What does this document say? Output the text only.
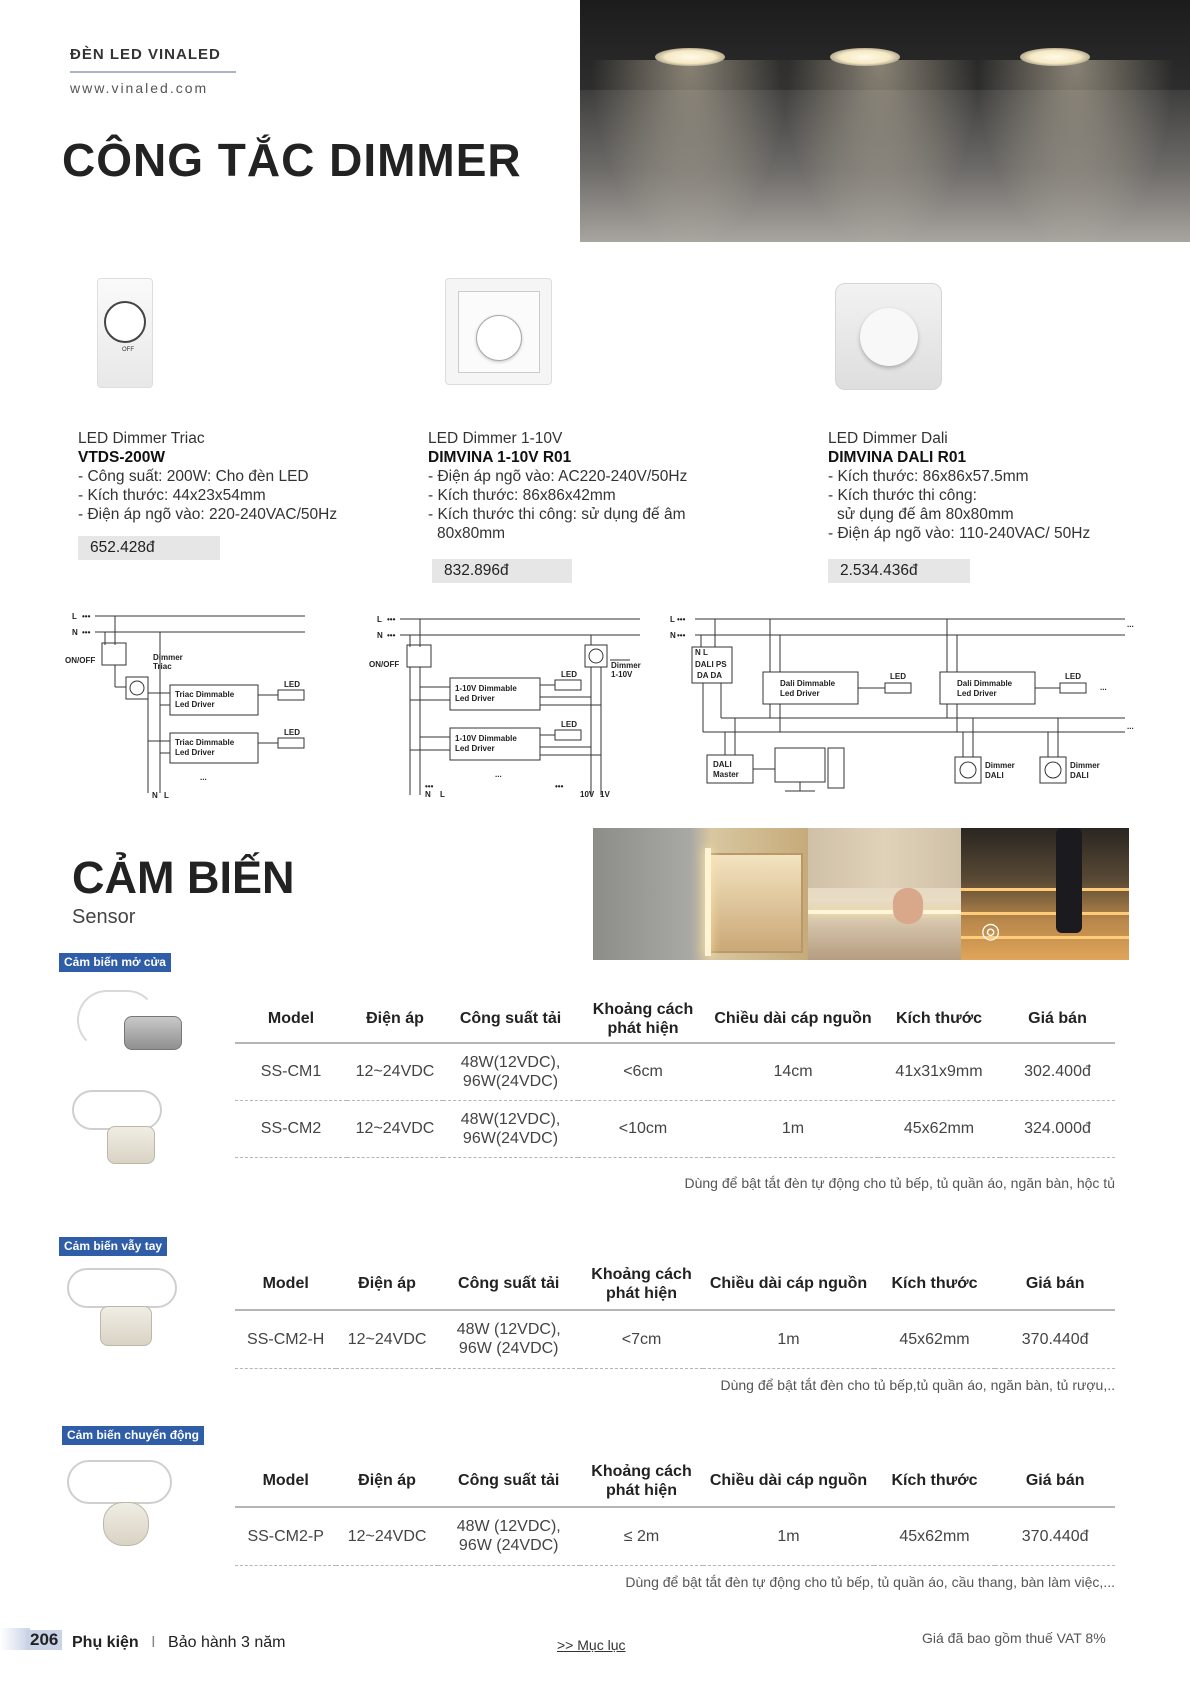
ĐÈN LED VINALED
www.vinaled.com
CÔNG TẮC DIMMER
OFF
LED Dimmer Triac
VTDS-200W
- Công suất: 200W: Cho đèn LED
- Kích thước: 44x23x54mm
- Điện áp ngõ vào: 220-240VAC/50Hz
652.428đ
LED Dimmer 1-10V
DIMVINA 1-10V R01
- Điện áp ngõ vào: AC220-240V/50Hz
- Kích thước: 86x86x42mm
- Kích thước thi công: sử dụng đế âm
80x80mm
832.896đ
LED Dimmer Dali
DIMVINA DALI R01
- Kích thước: 86x86x57.5mm
- Kích thước thi công:
sử dụng đế âm 80x80mm
- Điện áp ngõ vào: 110-240VAC/ 50Hz
2.534.436đ
L
N
•••
•••
ON/OFF	Dimmer
Triac
Triac Dimmable
Led Driver
Triac Dimmable
Led Driver
LED
LED
...
N L
L
N
•••
•••
ON/OFF
1-10V Dimmable
Led Driver
1-10V Dimmable
Led Driver
LED
LED
Dimmer
1-10V
...
•••	•••
N L	10V 1V
L
N
•••
•••
N L
DALI PS
DA DA
Dali Dimmable
Led Driver
Dali Dimmable
Led Driver
LED	LED
DALI
Master
Dimmer
DALI
Dimmer
DALI
...
...
...
CẢM BIẾN
Sensor
◎
Cảm biến mở cửa
Model	Điện áp	Công suất tải	Khoảng cách phát hiện	Chiều dài cáp nguồn	Kích thước	Giá bán
SS-CM1	12~24VDC	48W(12VDC), 96W(24VDC)	<6cm	14cm	41x31x9mm	302.400đ
SS-CM2	12~24VDC	48W(12VDC), 96W(24VDC)	<10cm	1m	45x62mm	324.000đ
Dùng để bật tắt đèn tự động cho tủ bếp, tủ quần áo, ngăn bàn, hộc tủ
Cảm biến vẫy tay
Model	Điện áp	Công suất tải	Khoảng cách phát hiện	Chiều dài cáp nguồn	Kích thước	Giá bán
SS-CM2-H	12~24VDC	48W (12VDC), 96W (24VDC)	<7cm	1m	45x62mm	370.440đ
Dùng để bật tắt đèn cho tủ bếp,tủ quần áo, ngăn bàn, tủ rượu,..
Cảm biến chuyển động
Model	Điện áp	Công suất tải	Khoảng cách phát hiện	Chiều dài cáp nguồn	Kích thước	Giá bán
SS-CM2-P	12~24VDC	48W (12VDC), 96W (24VDC)	≤ 2m	1m	45x62mm	370.440đ
Dùng để bật tắt đèn tự động cho tủ bếp, tủ quần áo, cầu thang, bàn làm việc,...
206 Phụ kiện I Bảo hành 3 năm	>> Mục lục	Giá đã bao gồm thuế VAT 8%
